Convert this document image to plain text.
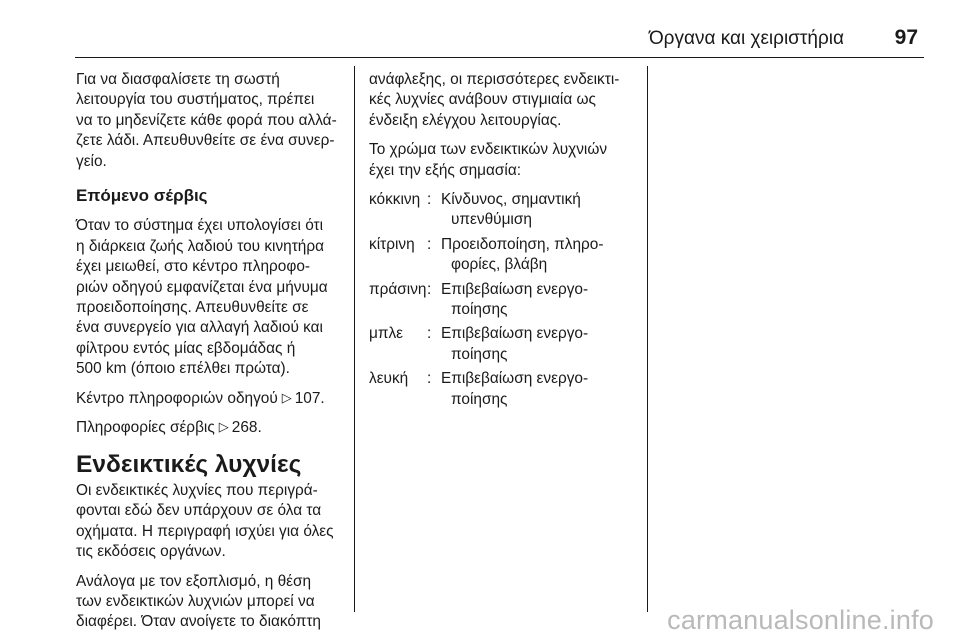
Όργανα και χειριστήρια 97

Για να διασφαλίσετε τη σωστή
λειτουργία του συστήματος, πρέπει
να το μηδενίζετε κάθε φορά που αλλά-
ζετε λάδι. Απευθυνθείτε σε ένα συνερ-
γείο.

Επόμενο σέρβις

Όταν το σύστημα έχει υπολογίσει ότι
η διάρκεια ζωής λαδιού του κινητήρα
έχει μειωθεί, στο κέντρο πληροφο-
ριών οδηγού εμφανίζεται ένα μήνυμα
προειδοποίησης. Απευθυνθείτε σε
ένα συνεργείο για αλλαγή λαδιού και
φίλτρου εντός μίας εβδομάδας ή
500 km (όποιο επέλθει πρώτα).

Κέντρο πληροφοριών οδηγού ▷ 107.

Πληροφορίες σέρβις ▷ 268.

Ενδεικτικές λυχνίες

Οι ενδεικτικές λυχνίες που περιγρά-
φονται εδώ δεν υπάρχουν σε όλα τα
οχήματα. Η περιγραφή ισχύει για όλες
τις εκδόσεις οργάνων.

Ανάλογα με τον εξοπλισμό, η θέση
των ενδεικτικών λυχνιών μπορεί να
διαφέρει. Όταν ανοίγετε το διακόπτη

ανάφλεξης, οι περισσότερες ενδεικτι-
κές λυχνίες ανάβουν στιγμιαία ως
ένδειξη ελέγχου λειτουργίας.

Το χρώμα των ενδεικτικών λυχνιών
έχει την εξής σημασία:

κόκκινη : Κίνδυνος, σημαντική
υπενθύμιση
κίτρινη : Προειδοποίηση, πληρο-
φορίες, βλάβη
πράσινη : Επιβεβαίωση ενεργο-
ποίησης
μπλε	: Επιβεβαίωση ενεργο-
ποίησης
λευκή	: Επιβεβαίωση ενεργο-
ποίησης
carmanualsonline.info
